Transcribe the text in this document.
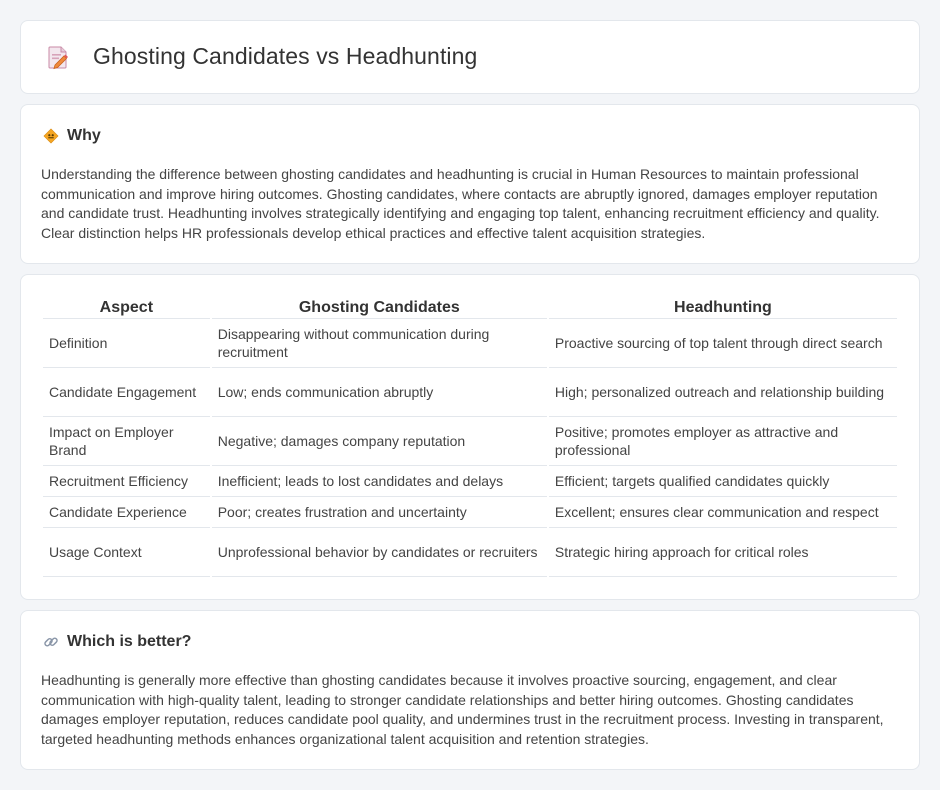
Ghosting Candidates vs Headhunting
Why

Understanding the difference between ghosting candidates and headhunting is crucial in Human Resources to maintain professional communication and improve hiring outcomes. Ghosting candidates, where contacts are abruptly ignored, damages employer reputation and candidate trust. Headhunting involves strategically identifying and engaging top talent, enhancing recruitment efficiency and quality. Clear distinction helps HR professionals develop ethical practices and effective talent acquisition strategies.

Aspect	Ghosting Candidates	Headhunting
Definition	Disappearing without communication during recruitment	Proactive sourcing of top talent through direct search
Candidate Engagement	Low; ends communication abruptly	High; personalized outreach and relationship building
Impact on Employer Brand	Negative; damages company reputation	Positive; promotes employer as attractive and professional
Recruitment Efficiency	Inefficient; leads to lost candidates and delays	Efficient; targets qualified candidates quickly
Candidate Experience	Poor; creates frustration and uncertainty	Excellent; ensures clear communication and respect
Usage Context	Unprofessional behavior by candidates or recruiters	Strategic hiring approach for critical roles
Which is better?

Headhunting is generally more effective than ghosting candidates because it involves proactive sourcing, engagement, and clear communication with high-quality talent, leading to stronger candidate relationships and better hiring outcomes. Ghosting candidates damages employer reputation, reduces candidate pool quality, and undermines trust in the recruitment process. Investing in transparent, targeted headhunting methods enhances organizational talent acquisition and retention strategies.
